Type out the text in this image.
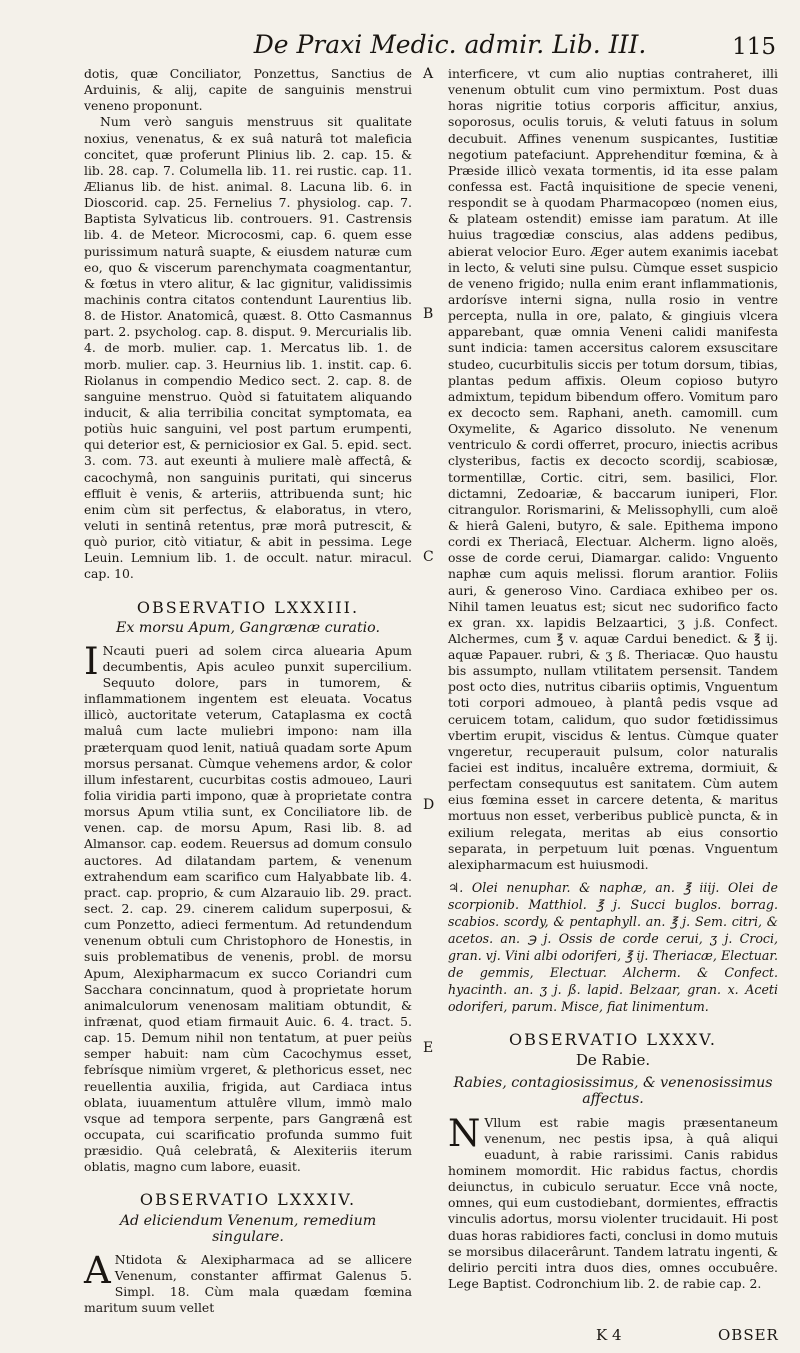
De Praxi Medic. admir. Lib. III.	115
A
B
C
D
E

dotis, quæ Conciliator, Ponzettus, Sanctius de Arduinis, & alij, capite de sanguinis menstrui veneno proponunt.

Num verò sanguis menstruus sit qualitate noxius, venenatus, & ex suâ naturâ tot maleficia concitet, quæ proferunt Plinius lib. 2. cap. 15. & lib. 28. cap. 7. Columella lib. 11. rei rustic. cap. 11. Ælianus lib. de hist. animal. 8. Lacuna lib. 6. in Dioscorid. cap. 25. Fernelius 7. physiolog. cap. 7. Baptista Sylvaticus lib. controuers. 91. Castrensis lib. 4. de Meteor. Microcosmi, cap. 6. quem esse purissimum naturâ suapte, & eiusdem naturæ cum eo, quo & viscerum parenchymata coagmentantur, & fœtus in vtero alitur, & lac gignitur, validissimis machinis contra citatos contendunt Laurentius lib. 8. de Histor. Anatomicâ, quæst. 8. Otto Casmannus part. 2. psycholog. cap. 8. disput. 9. Mercurialis lib. 4. de morb. mulier. cap. 1. Mercatus lib. 1. de morb. mulier. cap. 3. Heurnius lib. 1. instit. cap. 6. Riolanus in compendio Medico sect. 2. cap. 8. de sanguine menstruo. Quòd si fatuitatem aliquando inducit, & alia terribilia concitat symptomata, ea potiùs huic sanguini, vel post partum erumpenti, qui deterior est, & perniciosior ex Gal. 5. epid. sect. 3. com. 73. aut exeunti à muliere malè affectâ, & cacochymâ, non sanguinis puritati, qui sincerus effluit è venis, & arteriis, attribuenda sunt; hic enim cùm sit perfectus, & elaboratus, in vtero, veluti in sentinâ retentus, præ morâ putrescit, & quò purior, citò vitiatur, & abit in pessima. Lege Leuin. Lemnium lib. 1. de occult. natur. miracul. cap. 10.

OBSERVATIO LXXXIII.
Ex morsu Apum, Gangrænæ curatio.

I Ncauti pueri ad solem circa aluearia Apum decumbentis, Apis aculeo punxit supercilium. Sequuto dolore, pars in tumorem, & inflammationem ingentem est eleuata. Vocatus illicò, auctoritate veterum, Cataplasma ex coctâ maluâ cum lacte muliebri impono: nam illa præterquam quod lenit, natiuâ quadam sorte Apum morsus persanat. Cùmque vehemens ardor, & color illum infestarent, cucurbitas costis admoueo, Lauri folia viridia parti impono, quæ à proprietate contra morsus Apum vtilia sunt, ex Conciliatore lib. de venen. cap. de morsu Apum, Rasi lib. 8. ad Almansor. cap. eodem. Reuersus ad domum consulo auctores. Ad dilatandam partem, & venenum extrahendum eam scarifico cum Halyabbate lib. 4. pract. cap. proprio, & cum Alzarauio lib. 29. pract. sect. 2. cap. 29. cinerem calidum superposui, & cum Ponzetto, adieci fermentum. Ad retundendum venenum obtuli cum Christophoro de Honestis, in suis problematibus de venenis, probl. de morsu Apum, Alexipharmacum ex succo Coriandri cum Sacchara concinnatum, quod à proprietate horum animalculorum venenosam malitiam obtundit, & infrænat, quod etiam firmauit Auic. 6. 4. tract. 5. cap. 15. Demum nihil non tentatum, at puer peiùs semper habuit: nam cùm Cacochymus esset, febrísque nimiùm vrgeret, & plethoricus esset, nec reuellentia auxilia, frigida, aut Cardiaca intus oblata, iuuamentum attulêre vllum, immò malo vsque ad tempora serpente, pars Gangrænâ est occupata, cui scarificatio profunda summo fuit præsidio. Quâ celebratâ, & Alexiteriis iterum oblatis, magno cum labore, euasit.

OBSERVATIO LXXXIV.
Ad eliciendum Venenum, remedium singulare.

A Ntidota & Alexipharmaca ad se allicere Venenum, constanter affirmat Galenus 5. Simpl. 18. Cùm mala quædam fœmina maritum suum vellet

interficere, vt cum alio nuptias contraheret, illi venenum obtulit cum vino permixtum. Post duas horas nigritie totius corporis afficitur, anxius, soporosus, oculis toruis, & veluti fatuus in solum decubuit. Affines venenum suspicantes, Iustitiæ negotium patefaciunt. Apprehenditur fœmina, & à Præside illicò vexata tormentis, id ita esse palam confessa est. Factâ inquisitione de specie veneni, respondit se à quodam Pharmacopœo (nomen eius, & plateam ostendit) emisse iam paratum. At ille huius tragœdiæ conscius, alas addens pedibus, abierat velocior Euro. Æger autem exanimis iacebat in lecto, & veluti sine pulsu. Cùmque esset suspicio de veneno frigido; nulla enim erant inflammationis, ardorísve interni signa, nulla rosio in ventre percepta, nulla in ore, palato, & gingiuis vlcera apparebant, quæ omnia Veneni calidi manifesta sunt indicia: tamen accersitus calorem exsuscitare studeo, cucurbitulis siccis per totum dorsum, tibias, plantas pedum affixis. Oleum copioso butyro admixtum, tepidum bibendum offero. Vomitum paro ex decocto sem. Raphani, aneth. camomill. cum Oxymelite, & Agarico dissoluto. Ne venenum ventriculo & cordi offerret, procuro, iniectis acribus clysteribus, factis ex decocto scordij, scabiosæ, tormentillæ, Cortic. citri, sem. basilici, Flor. dictamni, Zedoariæ, & baccarum iuniperi, Flor. citrangulor. Rorismarini, & Melissophylli, cum aloë & hierâ Galeni, butyro, & sale. Epithema impono cordi ex Theriacâ, Electuar. Alcherm. ligno aloës, osse de corde cerui, Diamargar. calido: Vnguento naphæ cum aquis melissi. florum arantior. Foliis auri, & generoso Vino. Cardiaca exhibeo per os. Nihil tamen leuatus est; sicut nec sudorifico facto ex gran. xx. lapidis Belzaartici, ʒ j.ß. Confect. Alchermes, cum ℥ v. aquæ Cardui benedict. & ℥ ij. aquæ Papauer. rubri, & ʒ ß. Theriacæ. Quo haustu bis assumpto, nullam vtilitatem persensit. Tandem post octo dies, nutritus cibariis optimis, Vnguentum toti corpori admoueo, à plantâ pedis vsque ad ceruicem totam, calidum, quo sudor fœtidissimus vbertim erupit, viscidus & lentus. Cùmque quater vngeretur, recuperauit pulsum, color naturalis faciei est inditus, incaluêre extrema, dormiuit, & perfectam consequutus est sanitatem. Cùm autem eius fœmina esset in carcere detenta, & maritus mortuus non esset, verberibus publicè puncta, & in exilium relegata, meritas ab eius consortio separata, in perpetuum luit pœnas. Vnguentum alexipharmacum est huiusmodi.

♃. Olei nenuphar. & naphæ, an. ℥ iiij. Olei de scorpionib. Matthiol. ℥ j. Succi buglos. borrag. scabios. scordy, & pentaphyll. an. ℥ j. Sem. citri, & acetos. an. ℈ j. Ossis de corde cerui, ʒ j. Croci, gran. vj. Vini albi odoriferi, ℥ ij. Theriacæ, Electuar. de gemmis, Electuar. Alcherm. & Confect. hyacinth. an. ʒ j. ß. lapid. Belzaar, gran. x. Aceti odoriferi, parum. Misce, fiat linimentum.

OBSERVATIO LXXXV.
De Rabie.
Rabies, contagiosissimus, & venenosissimus affectus.

N Vllum est rabie magis præsentaneum venenum, nec pestis ipsa, à quâ aliqui euadunt, à rabie rarissimi. Canis rabidus hominem momordit. Hic rabidus factus, chordis deiunctus, in cubiculo seruatur. Ecce vnâ nocte, omnes, qui eum custodiebant, dormientes, effractis vinculis adortus, morsu violenter trucidauit. Hi post duas horas rabidiores facti, conclusi in domo mutuis se morsibus dilacerârunt. Tandem latratu ingenti, & delirio perciti intra duos dies, omnes occubuêre. Lege Baptist. Codronchium lib. 2. de rabie cap. 2.

K 4	OBSER
